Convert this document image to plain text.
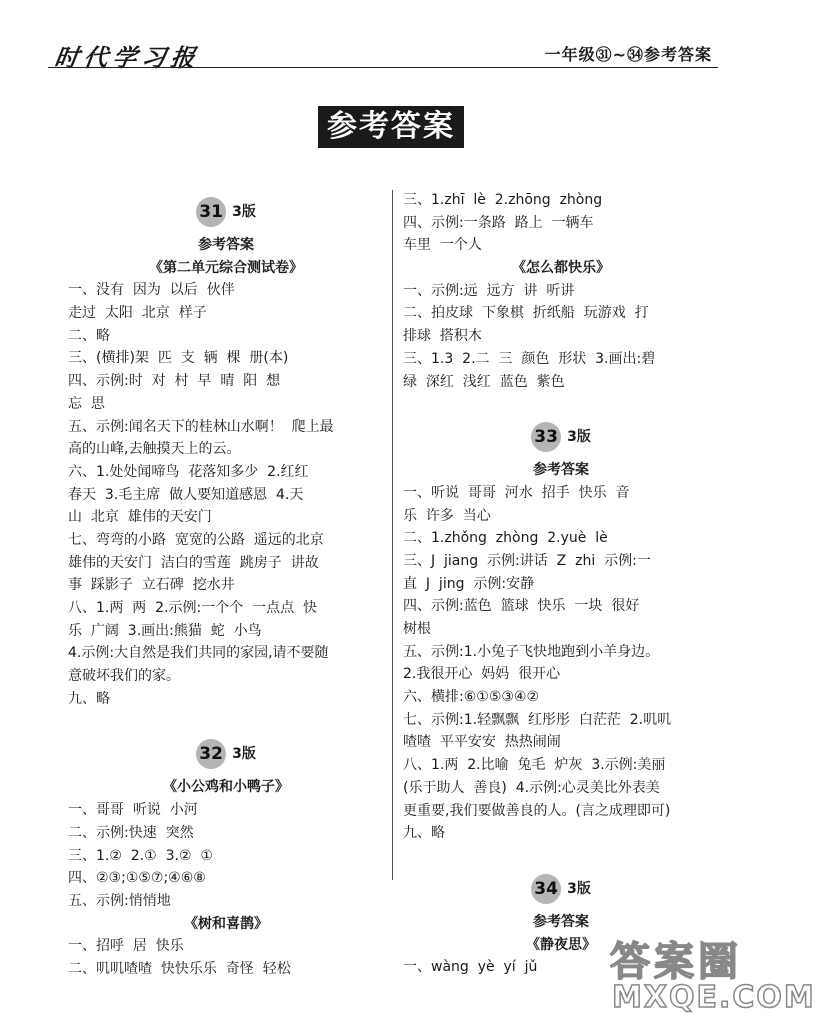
时代学习报	一年级㉛~㉞参考答案
参考答案
31 3版
参考答案
《第二单元综合测试卷》
一、没有  因为  以后  伙伴
走过  太阳  北京  样子
二、略
三、(横排)架  匹  支  辆  棵  册(本)
四、示例:时  对  村  早  晴  阳  想
忘  思
五、示例:闻名天下的桂林山水啊！  爬上最
高的山峰,去触摸天上的云。
六、1.处处闻啼鸟  花落知多少  2.红红
春天  3.毛主席  做人要知道感恩  4.天
山  北京  雄伟的天安门
七、弯弯的小路  宽宽的公路  遥远的北京
雄伟的天安门  洁白的雪莲  跳房子  讲故
事  踩影子  立石碑  挖水井
八、1.两  两  2.示例:一个个  一点点  快
乐  广阔  3.画出:熊猫  蛇  小鸟
4.示例:大自然是我们共同的家园,请不要随
意破坏我们的家。
九、略
32 3版
《小公鸡和小鸭子》
一、哥哥  听说  小河
二、示例:快速  突然
三、1.②  2.①  3.②  ①
四、②③;①⑤⑦;④⑥⑧
五、示例:悄悄地
《树和喜鹊》
一、招呼  居  快乐
二、叽叽喳喳  快快乐乐  奇怪  轻松
三、1.zhī  lè  2.zhōng  zhòng
四、示例:一条路  路上  一辆车
车里  一个人
《怎么都快乐》
一、示例:远  远方  讲  听讲
二、拍皮球  下象棋  折纸船  玩游戏  打
排球  搭积木
三、1.3  2.二  三  颜色  形状  3.画出:碧
绿  深红  浅红  蓝色  紫色
33 3版
参考答案
一、听说  哥哥  河水  招手  快乐  音
乐  许多  当心
二、1.zhǒng  zhòng  2.yuè  lè
三、J  jiang  示例:讲话  Z  zhi  示例:一
直  J  jing  示例:安静
四、示例:蓝色  篮球  快乐  一块  很好
树根
五、示例:1.小兔子飞快地跑到小羊身边。
2.我很开心  妈妈  很开心
六、横排:⑥①⑤③④②
七、示例:1.轻飘飘  红彤彤  白茫茫  2.叽叽
喳喳  平平安安  热热闹闹
八、1.两  2.比喻  兔毛  炉灰  3.示例:美丽
(乐于助人  善良)  4.示例:心灵美比外表美
更重要,我们要做善良的人。(言之成理即可)
九、略
34 3版
参考答案
《静夜思》
一、wàng  yè  yí  jǔ	答案圈
MXQE.COM
